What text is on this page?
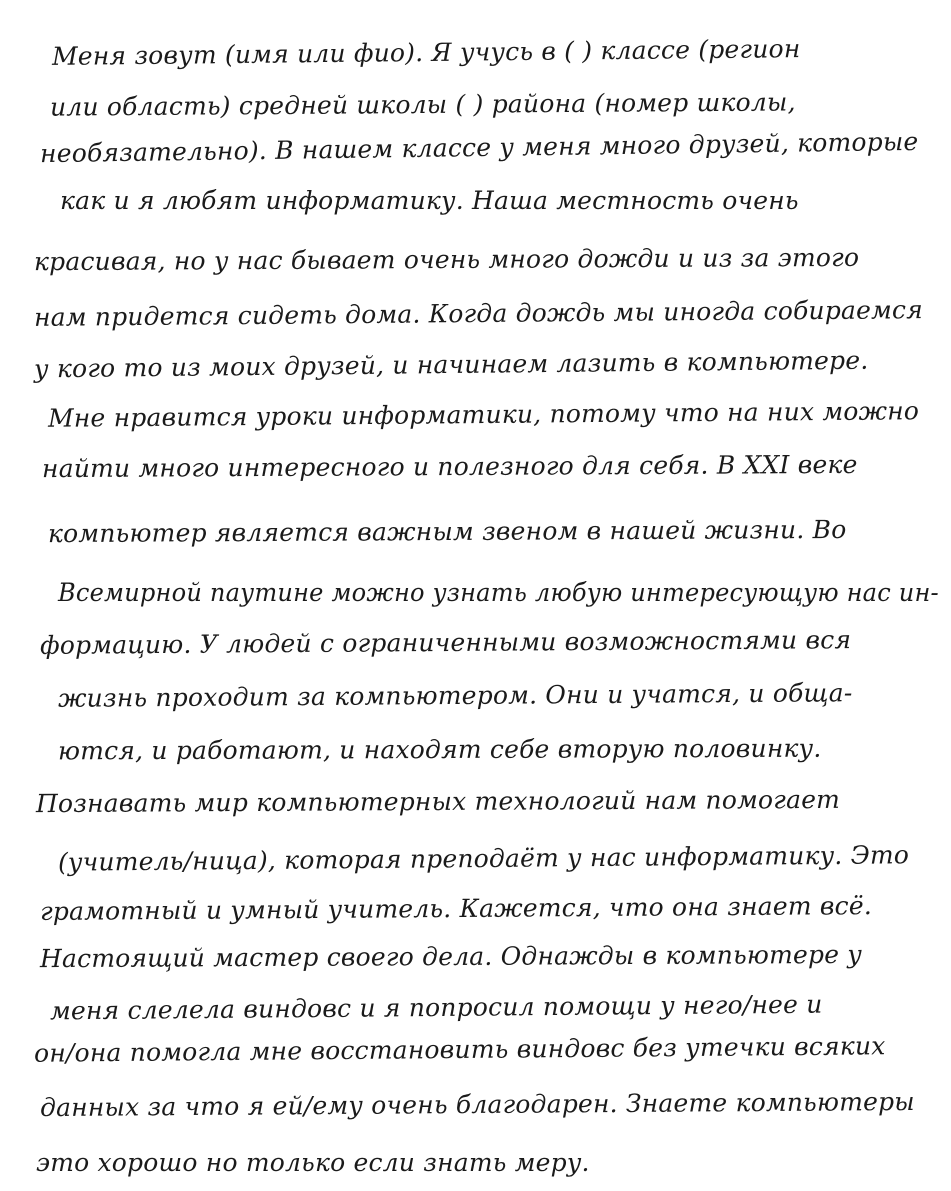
Меня зовут (имя или фио). Я учусь в ( ) классе (регион
или область) средней школы ( ) района (номер школы,
необязательно). В нашем классе у меня много друзей, которые
как и я любят информатику. Наша местность очень
красивая, но у нас бывает очень много дожди и из за этого
нам придется сидеть дома. Когда дождь мы иногда собираемся
у кого то из моих друзей, и начинаем лазить в компьютере.
Мне нравится уроки информатики, потому что на них можно
найти много интересного и полезного для себя. В XXI веке
компьютер является важным звеном в нашей жизни. Во
Всемирной паутине можно узнать любую интересующую нас ин-
формацию. У людей с ограниченными возможностями вся
жизнь проходит за компьютером. Они и учатся, и обща-
ются, и работают, и находят себе вторую половинку.
Познавать мир компьютерных технологий нам помогает
(учитель/ница), которая преподаёт у нас информатику. Это
грамотный и умный учитель. Кажется, что она знает всё.
Настоящий мастер своего дела. Однажды в компьютере у
меня слелела виндовс и я попросил помощи у него/нее и
он/она помогла мне восстановить виндовс без утечки всяких
данных за что я ей/ему очень благодарен. Знаете компьютеры
это хорошо но только если знать меру.
